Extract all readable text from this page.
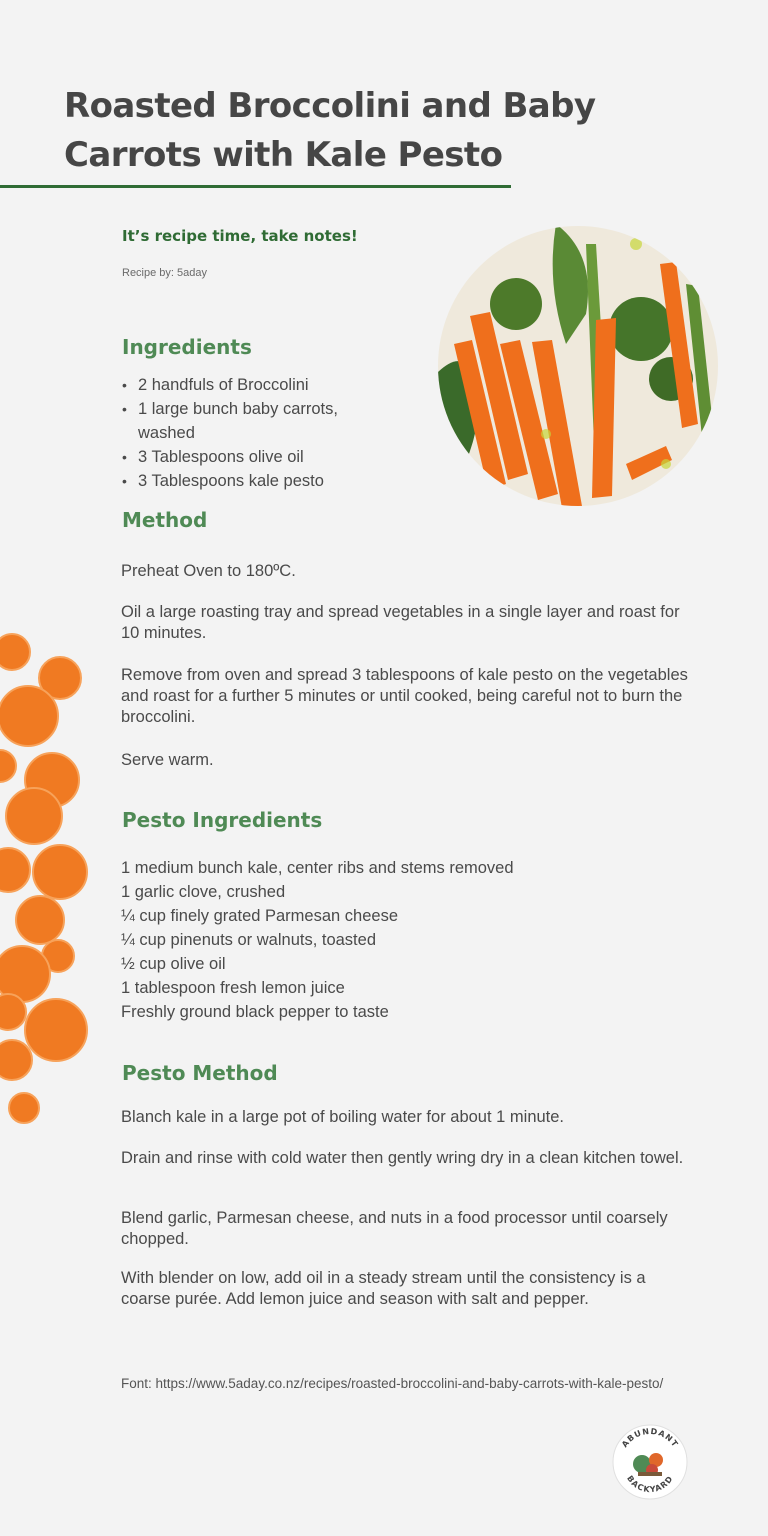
Roasted Broccolini and Baby Carrots with Kale Pesto
It’s recipe time, take notes!
Recipe by: 5aday
Ingredients
• 2 handfuls of Broccolini
• 1 large bunch baby carrots, washed
• 3 Tablespoons olive oil
• 3 Tablespoons kale pesto
Method

Preheat Oven to 180ºC.

Oil a large roasting tray and spread vegetables in a single layer and roast for 10 minutes.

Remove from oven and spread 3 tablespoons of kale pesto on the vegetables and roast for a further 5 minutes or until cooked, being careful not to burn the broccolini.

Serve warm.

Pesto Ingredients
1 medium bunch kale, center ribs and stems removed
1 garlic clove, crushed
¼ cup finely grated Parmesan cheese
¼ cup pinenuts or walnuts, toasted
½ cup olive oil
1 tablespoon fresh lemon juice
Freshly ground black pepper to taste
Pesto Method

Blanch kale in a large pot of boiling water for about 1 minute.

Drain and rinse with cold water then gently wring dry in a clean kitchen towel.

Blend garlic, Parmesan cheese, and nuts in a food processor until coarsely chopped.

With blender on low, add oil in a steady stream until the consistency is a coarse purée. Add lemon juice and season with salt and pepper.

Font: https://www.5aday.co.nz/recipes/roasted-broccolini-and-baby-carrots-with-kale-pesto/

ABUNDANT
BACKYARD
